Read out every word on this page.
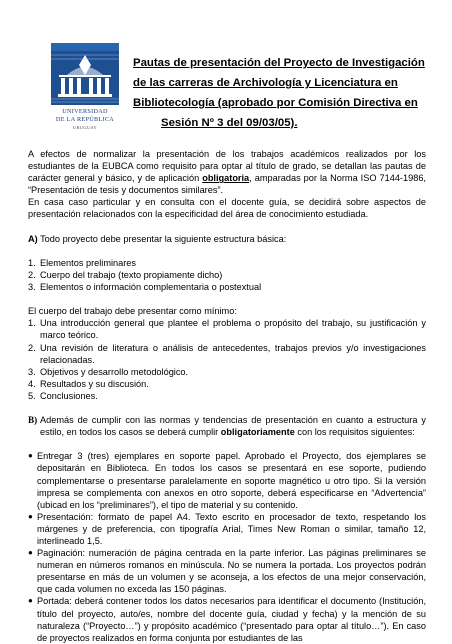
UNIVERSIDAD
DE LA REPÚBLICA
URUGUAY
Pautas de presentación del Proyecto de Investigación
de las carreras de Archivología y Licenciatura en
Bibliotecología (aprobado por Comisión Directiva en
Sesión Nº 3 del 09/03/05).

A efectos de normalizar la presentación de los trabajos académicos realizados por los estudiantes de la EUBCA como requisito para optar al título de grado, se detallan las pautas de carácter general y básico, y de aplicación obligatoria, amparadas por la Norma ISO 7144-1986, “Presentación de tesis y documentos similares”.

En casa caso particular y en consulta con el docente guía, se decidirá sobre aspectos de presentación relacionados con la especificidad del área de conocimiento estudiada.

A) Todo proyecto debe presentar la siguiente estructura básica:

1. Elementos preliminares
2. Cuerpo del trabajo (texto propiamente dicho)
3. Elementos o información complementaria o postextual

El cuerpo del trabajo debe presentar como mínimo:

1. Una introducción general que plantee el problema o propósito del trabajo, su justificación y marco teórico.
2. Una revisión de literatura o análisis de antecedentes, trabajos previos y/o investigaciones relacionadas.
3. Objetivos y desarrollo metodológico.
4. Resultados y su discusión.
5. Conclusiones.
B) Además de cumplir con las normas y tendencias de presentación en cuanto a estructura y estilo, en todos los casos se deberá cumplir obligatoriamente con los requisitos siguientes:
● Entregar 3 (tres) ejemplares en soporte papel. Aprobado el Proyecto, dos ejemplares se depositarán en Biblioteca. En todos los casos se presentará en ese soporte, pudiendo complementarse o presentarse paralelamente en soporte magnético u otro tipo. Si la versión impresa se complementa con anexos en otro soporte, deberá especificarse en “Advertencia” (ubicad en los “preliminares”), el tipo de material y su contenido.
● Presentación: formato de papel A4. Texto escrito en procesador de texto, respetando los márgenes y de preferencia, con tipografía Arial, Times New Roman o similar, tamaño 12, interlineado 1,5.
● Paginación: numeración de página centrada en la parte inferior. Las páginas preliminares se numeran en números romanos en minúscula. No se numera la portada. Los proyectos podrán presentarse en más de un volumen y se aconseja, a los efectos de una mejor conservación, que cada volumen no exceda las 150 páginas.
● Portada: deberá contener todos los datos necesarios para identificar el documento (Institución, título del proyecto, auto/es, nombre del docente guía, ciudad y fecha) y la mención de su naturaleza (“Proyecto…”) y propósito académico (“presentado para optar al título…”). En caso de proyectos realizados en forma conjunta por estudiantes de las
